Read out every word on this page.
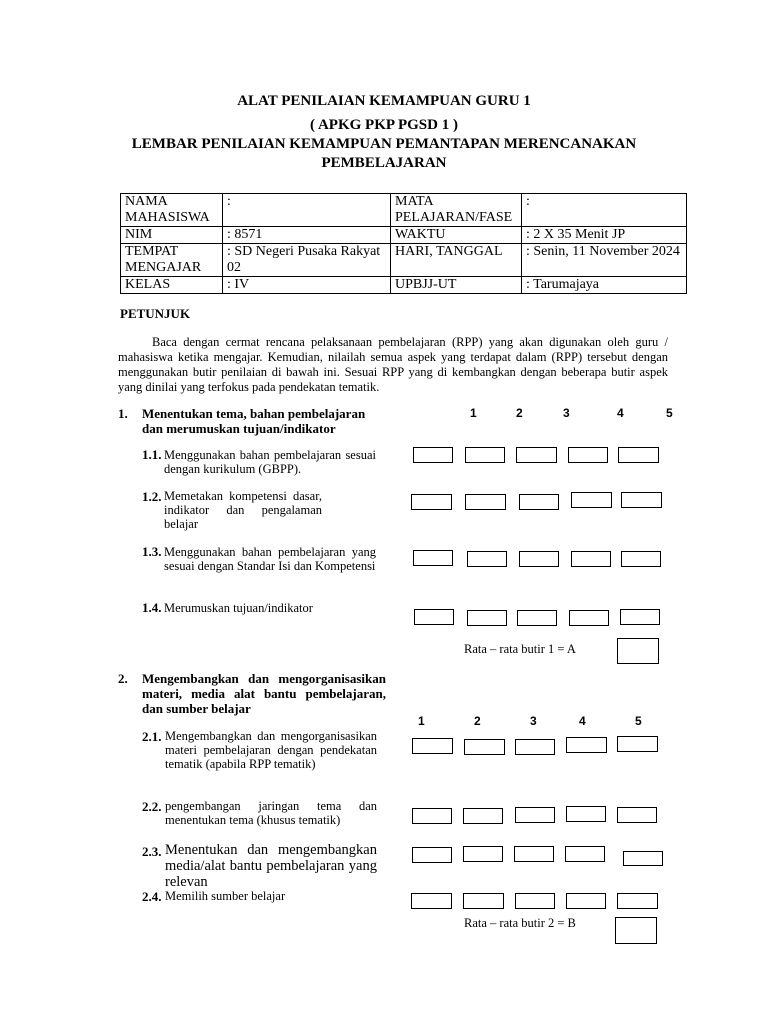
ALAT PENILAIAN KEMAMPUAN GURU 1
( APKG PKP PGSD 1 )
LEMBAR PENILAIAN KEMAMPUAN PEMANTAPAN MERENCANAKAN
PEMBELAJARAN
NAMA MAHASISWA	:	MATA PELAJARAN/FASE	:
NIM	: 8571	WAKTU	: 2 X 35 Menit JP
TEMPAT MENGAJAR	: SD Negeri Pusaka Rakyat 02	HARI, TANGGAL	: Senin, 11 November 2024
KELAS	: IV	UPBJJ-UT	: Tarumajaya
PETUNJUK
Baca dengan cermat rencana pelaksanaan pembelajaran (RPP) yang akan digunakan oleh guru / mahasiswa ketika mengajar. Kemudian, nilailah semua aspek yang terdapat dalam (RPP) tersebut dengan menggunakan butir penilaian di bawah ini. Sesuai RPP yang di kembangkan dengan beberapa butir aspek yang dinilai yang terfokus pada pendekatan tematik.
1. Menentukan tema, bahan pembelajaran dan merumuskan tujuan/indikator
1	2	3	4	5
1.1. Menggunakan bahan pembelajaran sesuai dengan kurikulum (GBPP).
1.2. Memetakan kompetensi dasar, indikator dan pengalaman belajar
1.3. Menggunakan bahan pembelajaran yang sesuai dengan Standar Isi dan Kompetensi
1.4. Merumuskan tujuan/indikator
Rata – rata butir 1 = A
2. Mengembangkan dan mengorganisasikan materi, media alat bantu pembelajaran, dan sumber belajar
1	2	3	4	5
2.1. Mengembangkan dan mengorganisasikan materi pembelajaran dengan pendekatan tematik (apabila RPP tematik)
2.2. pengembangan jaringan tema dan menentukan tema (khusus tematik)
2.3. Menentukan dan mengembangkan media/alat bantu pembelajaran yang relevan
2.4. Memilih sumber belajar
Rata – rata butir 2 = B
